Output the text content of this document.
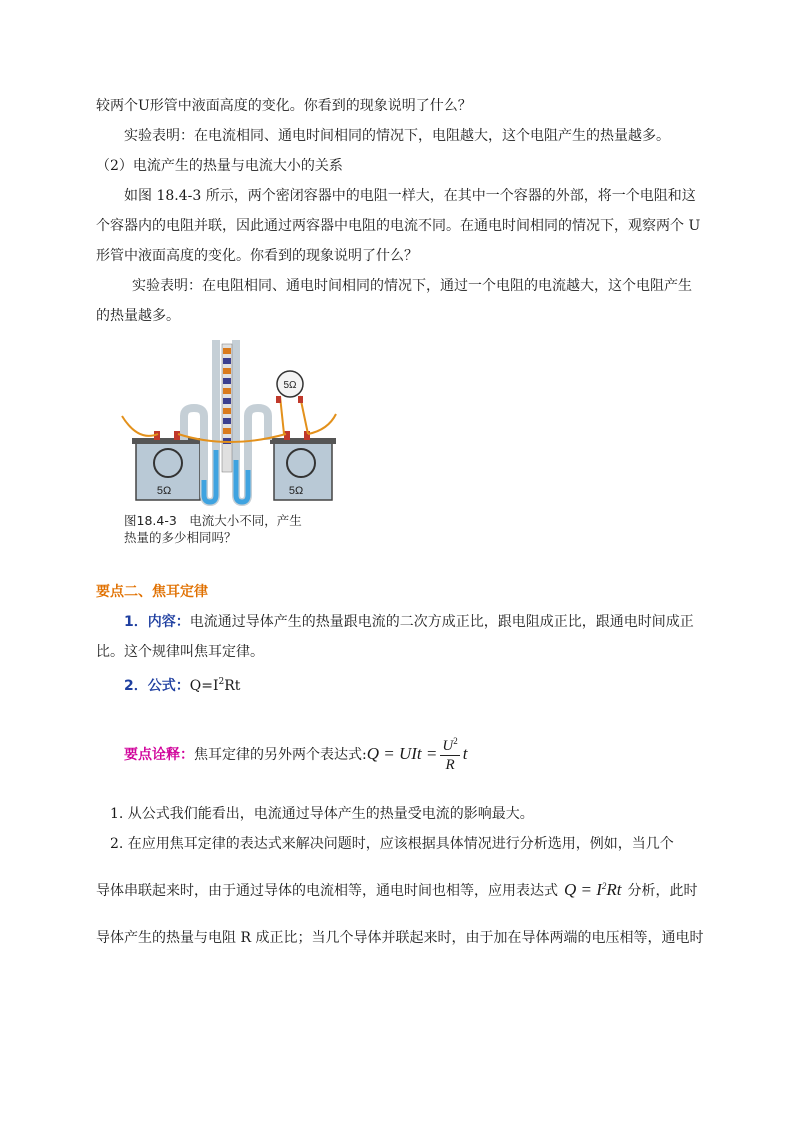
较两个U形管中液面高度的变化。你看到的现象说明了什么？
实验表明：在电流相同、通电时间相同的情况下，电阻越大，这个电阻产生的热量越多。
（2）电流产生的热量与电流大小的关系
如图 18.4-3 所示，两个密闭容器中的电阻一样大，在其中一个容器的外部，将一个电阻和这
个容器内的电阻并联，因此通过两容器中电阻的电流不同。在通电时间相同的情况下，观察两个 U
形管中液面高度的变化。你看到的现象说明了什么？
实验表明：在电阻相同、通电时间相同的情况下，通过一个电阻的电流越大，这个电阻产生
的热量越多。
5Ω
5Ω	5Ω
图18.4-3　电流大小不同，产生
热量的多少相同吗？
要点二、焦耳定律
1．内容：电流通过导体产生的热量跟电流的二次方成正比，跟电阻成正比，跟通电时间成正
比。这个规律叫焦耳定律。
2．公式：$Q=I^2Rt$
要点诠释：焦耳定律的另外两个表达式:Q = UIt = $\frac{U^2}{R}$ t
1. 从公式我们能看出，电流通过导体产生的热量受电流的影响最大。
2. 在应用焦耳定律的表达式来解决问题时，应该根据具体情况进行分析选用，例如，当几个
导体串联起来时，由于通过导体的电流相等，通电时间也相等，应用表达式 $Q = I^2Rt$ 分析，此时
导体产生的热量与电阻 R 成正比；当几个导体并联起来时，由于加在导体两端的电压相等，通电时
